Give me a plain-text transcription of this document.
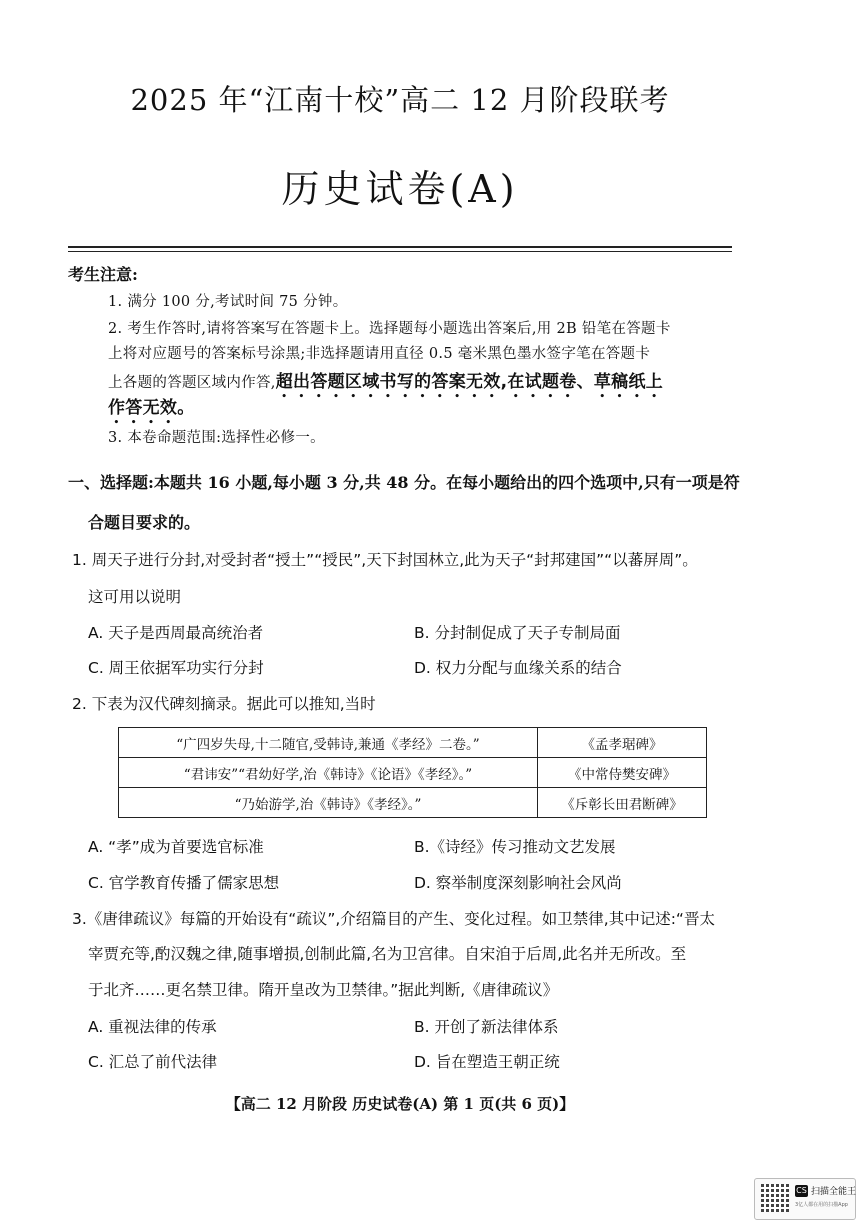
2025 年“江南十校”高二 12 月阶段联考
历史试卷(A)
考生注意:
1. 满分 100 分,考试时间 75 分钟。
2. 考生作答时,请将答案写在答题卡上。选择题每小题选出答案后,用 2B 铅笔在答题卡
上将对应题号的答案标号涂黑;非选择题请用直径 0.5 毫米黑色墨水签字笔在答题卡
上各题的答题区域内作答,超出答题区域书写的答案无效,在试题卷、草稿纸上
作答无效。
3. 本卷命题范围:选择性必修一。
一、选择题:本题共 16 小题,每小题 3 分,共 48 分。在每小题给出的四个选项中,只有一项是符
合题目要求的。
1. 周天子进行分封,对受封者“授土”“授民”,天下封国林立,此为天子“封邦建国”“以蕃屏周”。
这可用以说明
A. 天子是西周最高统治者	B. 分封制促成了天子专制局面
C. 周王依据军功实行分封	D. 权力分配与血缘关系的结合
2. 下表为汉代碑刻摘录。据此可以推知,当时
“广四岁失母,十二随官,受韩诗,兼通《孝经》二卷。”	《孟孝琚碑》
“君讳安”“君幼好学,治《韩诗》《论语》《孝经》。”	《中常侍樊安碑》
“乃始游学,治《韩诗》《孝经》。”	《斥彰长田君断碑》
A. “孝”成为首要选官标准	B.《诗经》传习推动文艺发展
C. 官学教育传播了儒家思想	D. 察举制度深刻影响社会风尚
3.《唐律疏议》每篇的开始设有“疏议”,介绍篇目的产生、变化过程。如卫禁律,其中记述:“晋太
宰贾充等,酌汉魏之律,随事增损,创制此篇,名为卫宫律。自宋洎于后周,此名并无所改。至
于北齐……更名禁卫律。隋开皇改为卫禁律。”据此判断,《唐律疏议》
A. 重视法律的传承	B. 开创了新法律体系
C. 汇总了前代法律	D. 旨在塑造王朝正统
【高二 12 月阶段 历史试卷(A) 第 1 页(共 6 页)】
CS 扫描全能王
3亿人都在用的扫描App
